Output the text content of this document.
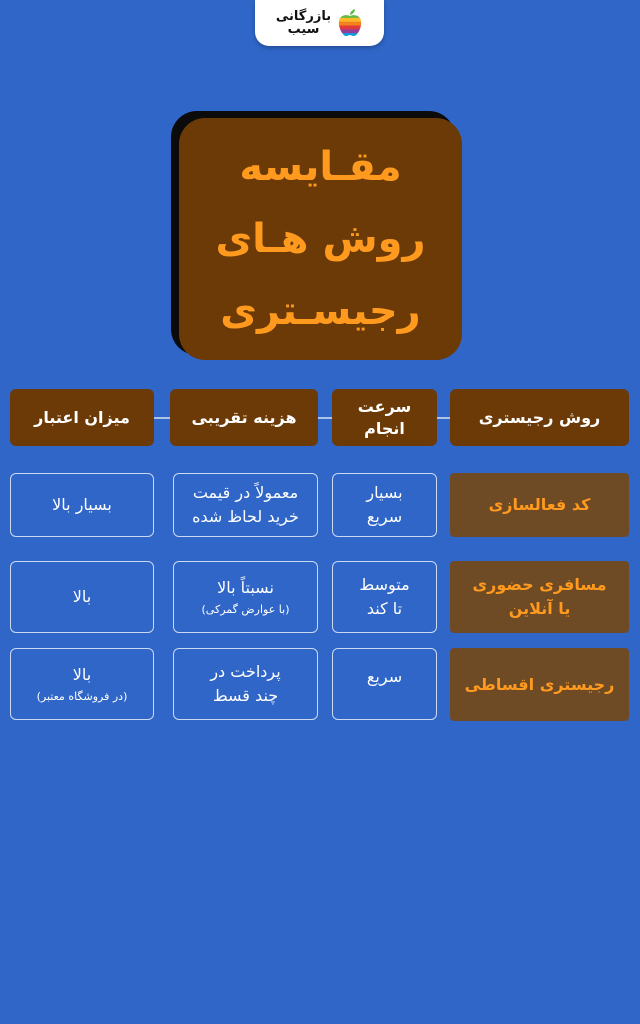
بازرگانی
سیب
مقـایسه
روش هـای
رجیسـتری
روش رجیستری
سرعت
انجام
هزینه تقریبی
میزان اعتبار
کد فعالسازی
بسیار
سریع
معمولاً در قیمت
خرید لحاظ شده
بسیار بالا
مسافری حضوری
یا آنلاین
متوسط
تا کند
نسبتاً بالا
(با عوارض گمرکی)
بالا
رجیستری اقساطی
سریع
پرداخت در
چند قسط
بالا
(در فروشگاه معتبر)
